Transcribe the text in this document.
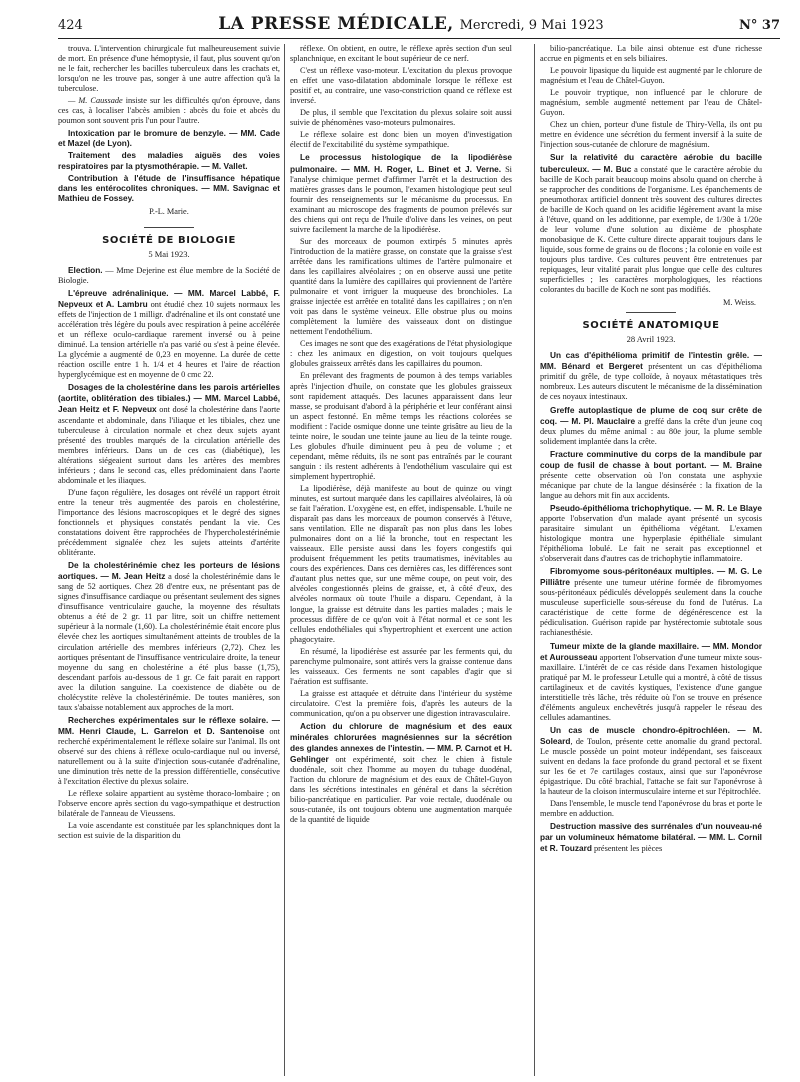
424	LA PRESSE MÉDICALE, Mercredi, 9 Mai 1923	N° 37

trouva. L'intervention chirurgicale fut malheureusement suivie de mort. En présence d'une hémoptysie, il faut, plus souvent qu'on ne le fait, rechercher les bacilles tuberculeux dans les crachats et, lorsqu'on ne les trouve pas, songer à une autre affection qu'à la tuberculose.

— M. Caussade insiste sur les difficultés qu'on éprouve, dans ces cas, à localiser l'abcès amibien : abcès du foie et abcès du poumon sont souvent pris l'un pour l'autre.

Intoxication par le bromure de benzyle. — MM. Cade et Mazel (de Lyon).

Traitement des maladies aiguës des voies respiratoires par la ptysmothérapie. — M. Vallet.

Contribution à l'étude de l'insuffisance hépatique dans les entérocolites chroniques. — MM. Savignac et Mathieu de Fossey.

P.-L. Marie.

SOCIÉTÉ DE BIOLOGIE
5 Mai 1923.

Election. — Mme Dejerine est élue membre de la Société de Biologie.

L'épreuve adrénalinique. — MM. Marcel Labbé, F. Nepveux et A. Lambru ont étudié chez 10 sujets normaux les effets de l'injection de 1 milligr. d'adrénaline et ils ont constaté une accélération très légère du pouls avec respiration à peine accélérée et un réflexe oculo-cardiaque rarement inversé ou à peine diminué. La tension artérielle n'a pas varié ou s'est à peine élevée. La glycémie a augmenté de 0,23 en moyenne. La durée de cette réaction oscille entre 1 h. 1/4 et 4 heures et l'aire de réaction hyperglycémique est en moyenne de 0 cmc 22.

Dosages de la cholestérine dans les parois artérielles (aortite, oblitération des tibiales.) — MM. Marcel Labbé, Jean Heitz et F. Nepveux ont dosé la cholestérine dans l'aorte ascendante et abdominale, dans l'iliaque et les tibiales, chez une tuberculeuse à circulation normale et chez deux sujets ayant présenté des troubles marqués de la circulation artérielle des membres inférieurs. Dans un de ces cas (diabétique), les altérations siégeaient surtout dans les artères des membres inférieurs ; dans le second cas, elles prédominaient dans l'aorte abdominale et les iliaques.

D'une façon régulière, les dosages ont révélé un rapport étroit entre la teneur très augmentée des parois en cholestérine, l'importance des lésions macroscopiques et le degré des signes fonctionnels et physiques constatés pendant la vie. Ces constatations doivent être rapprochées de l'hypercholestérinémie précédemment signalée chez les sujets atteints d'artérite oblitérante.

De la cholestérinémie chez les porteurs de lésions aortiques. — M. Jean Heitz a dosé la cholestérinémie dans le sang de 52 aortiques. Chez 28 d'entre eux, ne présentant pas de signes d'insuffisance cardiaque ou présentant seulement des signes d'insuffisance ventriculaire gauche, la moyenne des résultats obtenus a été de 2 gr. 11 par litre, soit un chiffre nettement supérieur à la normale (1,60). La cholestérinémie était encore plus élevée chez les aortiques simultanément atteints de troubles de la circulation artérielle des membres inférieurs (2,72). Chez les aortiques présentant de l'insuffisance ventriculaire droite, la teneur moyenne du sang en cholestérine a été plus basse (1,75), descendant parfois au-dessous de 1 gr. Ce fait parait en rapport avec la dilution sanguine. La coexistence de diabète ou de cholécystite relève la cholestérinémie. De toutes manières, son taux s'abaisse notablement aux approches de la mort.

Recherches expérimentales sur le réflexe solaire. — MM. Henri Claude, L. Garrelon et D. Santenoise ont recherché expérimentalement le réflexe solaire sur l'animal. Ils ont observé sur des chiens à réflexe oculo-cardiaque nul ou inversé, naturellement ou à la suite d'injection sous-cutanée d'adrénaline, une diminution très nette de la pression différentielle, consécutive à l'excitation élective du plexus solaire.

Le réflexe solaire appartient au système thoraco-lombaire ; on l'observe encore après section du vago-sympathique et destruction bilatérale de l'anneau de Vieussens.

La voie ascendante est constituée par les splanchniques dont la section est suivie de la disparition du

réflexe. On obtient, en outre, le réflexe après section d'un seul splanchnique, en excitant le bout supérieur de ce nerf.

C'est un réflexe vaso-moteur. L'excitation du plexus provoque en effet une vaso-dilatation abdominale lorsque le réflexe est positif et, au contraire, une vaso-constriction quand ce réflexe est inversé.

De plus, il semble que l'excitation du plexus solaire soit aussi suivie de phénomènes vaso-moteurs pulmonaires.

Le réflexe solaire est donc bien un moyen d'investigation électif de l'excitabilité du système sympathique.

Le processus histologique de la lipodiérèse pulmonaire. — MM. H. Roger, L. Binet et J. Verne. Si l'analyse chimique permet d'affirmer l'arrêt et la destruction des matières grasses dans le poumon, l'examen histologique peut seul fournir des renseignements sur le mécanisme du processus. En examinant au microscope des fragments de poumon prélevés sur des chiens qui ont reçu de l'huile d'olive dans les veines, on peut suivre facilement la marche de la lipodiérèse.

Sur des morceaux de poumon extirpés 5 minutes après l'introduction de la matière grasse, on constate que la graisse s'est arrêtée dans les ramifications ultimes de l'artère pulmonaire et dans les capillaires alvéolaires ; on en observe aussi une petite quantité dans la lumière des capillaires qui proviennent de l'artère pulmonaire et vont irriguer la muqueuse des bronchioles. La graisse injectée est arrêtée en totalité dans les capillaires ; on n'en voit pas dans le système veineux. Elle obstrue plus ou moins complètement la lumière des vaisseaux dont on distingue nettement l'endothélium.

Ces images ne sont que des exagérations de l'état physiologique : chez les animaux en digestion, on voit toujours quelques globules graisseux arrêtés dans les capillaires du poumon.

En prélevant des fragments de poumon à des temps variables après l'injection d'huile, on constate que les globules graisseux sont rapidement attaqués. Des lacunes apparaissent dans leur masse, se produisant d'abord à la périphérie et leur conférant ainsi un aspect festonné. En même temps les réactions colorées se modifient : l'acide osmique donne une teinte grisâtre au lieu de la teinte noire, le soudan une teinte jaune au lieu de la teinte rouge. Les globules d'huile diminuent peu à peu de volume ; et cependant, même réduits, ils ne sont pas entraînés par le courant sanguin : ils restent adhérents à l'endothélium vasculaire qui est simplement hypertrophié.

La lipodiérèse, déjà manifeste au bout de quinze ou vingt minutes, est surtout marquée dans les capillaires alvéolaires, là où se fait l'aération. L'oxygène est, en effet, indispensable. L'huile ne disparaît pas dans les morceaux de poumon conservés à l'étuve, sans ventilation. Elle ne disparaît pas non plus dans les lobes pulmonaires dont on a lié la bronche, tout en respectant les vaisseaux. Elle persiste aussi dans les foyers congestifs qui produisent fréquemment les petits traumatismes, inévitables au cours des expériences. Dans ces dernières cas, les différences sont d'autant plus nettes que, sur une même coupe, on peut voir, des alvéoles congestionnés pleins de graisse, et, à côté d'eux, des alvéoles normaux où toute l'huile a disparu. Cependant, à la longue, la graisse est détruite dans les parties malades ; mais le processus diffère de ce qu'on voit à l'état normal et ce sont les cellules endothéliales qui s'hypertrophient et exercent une action phagocytaire.

En résumé, la lipodiérèse est assurée par les ferments qui, du parenchyme pulmonaire, sont attirés vers la graisse contenue dans les vaisseaux. Ces ferments ne sont capables d'agir que si l'aération est suffisante.

La graisse est attaquée et détruite dans l'intérieur du système circulatoire. C'est la première fois, d'après les auteurs de la communication, qu'on a pu observer une digestion intravasculaire.

Action du chlorure de magnésium et des eaux minérales chlorurées magnésiennes sur la sécrétion des glandes annexes de l'intestin. — MM. P. Carnot et H. Gehlinger ont expérimenté, soit chez le chien à fistule duodénale, soit chez l'homme au moyen du tubage duodénal, l'action du chlorure de magnésium et des eaux de Châtel-Guyon dans les sécrétions intestinales en général et dans la sécrétion bilio-pancréatique en particulier. Par voie rectale, duodénale ou sous-cutanée, ils ont toujours obtenu une augmentation marquée de la quantité de liquide

bilio-pancréatique. La bile ainsi obtenue est d'une richesse accrue en pigments et en sels biliaires.

Le pouvoir lipasique du liquide est augmenté par le chlorure de magnésium et l'eau de Châtel-Guyon.

Le pouvoir tryptique, non influencé par le chlorure de magnésium, semble augmenté nettement par l'eau de Châtel-Guyon.

Chez un chien, porteur d'une fistule de Thiry-Vella, ils ont pu mettre en évidence une sécrétion du ferment inversif à la suite de l'injection sous-cutanée de chlorure de magnésium.

Sur la relativité du caractère aérobie du bacille tuberculeux. — M. Buc a constaté que le caractère aérobie du bacille de Koch parait beaucoup moins absolu quand on cherche à se rapprocher des conditions de l'organisme. Les épanchements de pneumothorax artificiel donnent très souvent des cultures directes de bacille de Koch quand on les acidifie légèrement avant la mise à l'étuve, quand on les additionne, par exemple, de 1/30e à 1/20e de leur volume d'une solution au dixième de phosphate monobasique de K. Cette culture directe apparait toujours dans le liquide, sous forme de grains ou de flocons ; la colonie en voile est toujours plus tardive. Ces cultures peuvent être entretenues par repiquages, leur vitalité parait plus longue que celle des cultures superficielles ; les caractères morphologiques, les réactions colorantes du bacille de Koch ne sont pas modifiés.

M. Weiss.

SOCIÉTÉ ANATOMIQUE
28 Avril 1923.

Un cas d'épithélioma primitif de l'intestin grêle. — MM. Bénard et Bergeret présentent un cas d'épithélioma primitif du grêle, de type colloïde, à noyaux métastatiques très nombreux. Les auteurs discutent le mécanisme de la dissémination de ces noyaux intestinaux.

Greffe autoplastique de plume de coq sur crête de coq. — M. Pl. Mauclaire a greffé dans la crête d'un jeune coq deux plumes du même animal : au 80e jour, la plume semble solidement implantée dans la crête.

Fracture comminutive du corps de la mandibule par coup de fusil de chasse à bout portant. — M. Braine présente cette observation où l'on constata une asphyxie mécanique par chute de la langue désinsérée : la fixation de la langue au dehors mit fin aux accidents.

Pseudo-épithélioma trichophytique. — M. R. Le Blaye apporte l'observation d'un malade ayant présenté un sycosis parasitaire simulant un épithélioma végétant. L'examen histologique montra une hyperplasie épithéliale simulant l'épithélioma lobulé. Le fait ne serait pas exceptionnel et s'observerait dans d'autres cas de trichophytie inflammatoire.

Fibromyome sous-péritonéaux multiples. — M. G. Le Pilliâtre présente une tumeur utérine formée de fibromyomes sous-péritonéaux pédiculés développés seulement dans la couche musculeuse superficielle sous-séreuse du fond de l'utérus. La caractéristique de cette forme de dégénérescence est la pédiculisation. Guérison rapide par hystérectomie subtotale sous rachianesthésie.

Tumeur mixte de la glande maxillaire. — MM. Mondor et Aurousseau apportent l'observation d'une tumeur mixte sous-maxillaire. L'intérêt de ce cas réside dans l'examen histologique pratiqué par M. le professeur Letulle qui a montré, à côté de tissus cartilagineux et de cavités kystiques, l'existence d'une gangue interstitielle très lâche, très réduite où l'on se trouve en présence d'éléments anguleux enchevêtrés jusqu'à rappeler le réseau des cellules adamantines.

Un cas de muscle chondro-épitrochléen. — M. Soleard, de Toulon, présente cette anomalie du grand pectoral. Le muscle possède un point moteur indépendant, ses faisceaux suivent en dedans la face profonde du grand pectoral et se fixent sur les 6e et 7e cartilages costaux, ainsi que sur l'aponévrose épigastrique. Du côté brachial, l'attache se fait sur l'aponévrose à la hauteur de la cloison intermusculaire interne et sur l'épitrochlée.

Dans l'ensemble, le muscle tend l'aponévrose du bras et porte le membre en adduction.

Destruction massive des surrénales d'un nouveau-né par un volumineux hématome bilatéral. — MM. L. Cornil et R. Touzard présentent les pièces
